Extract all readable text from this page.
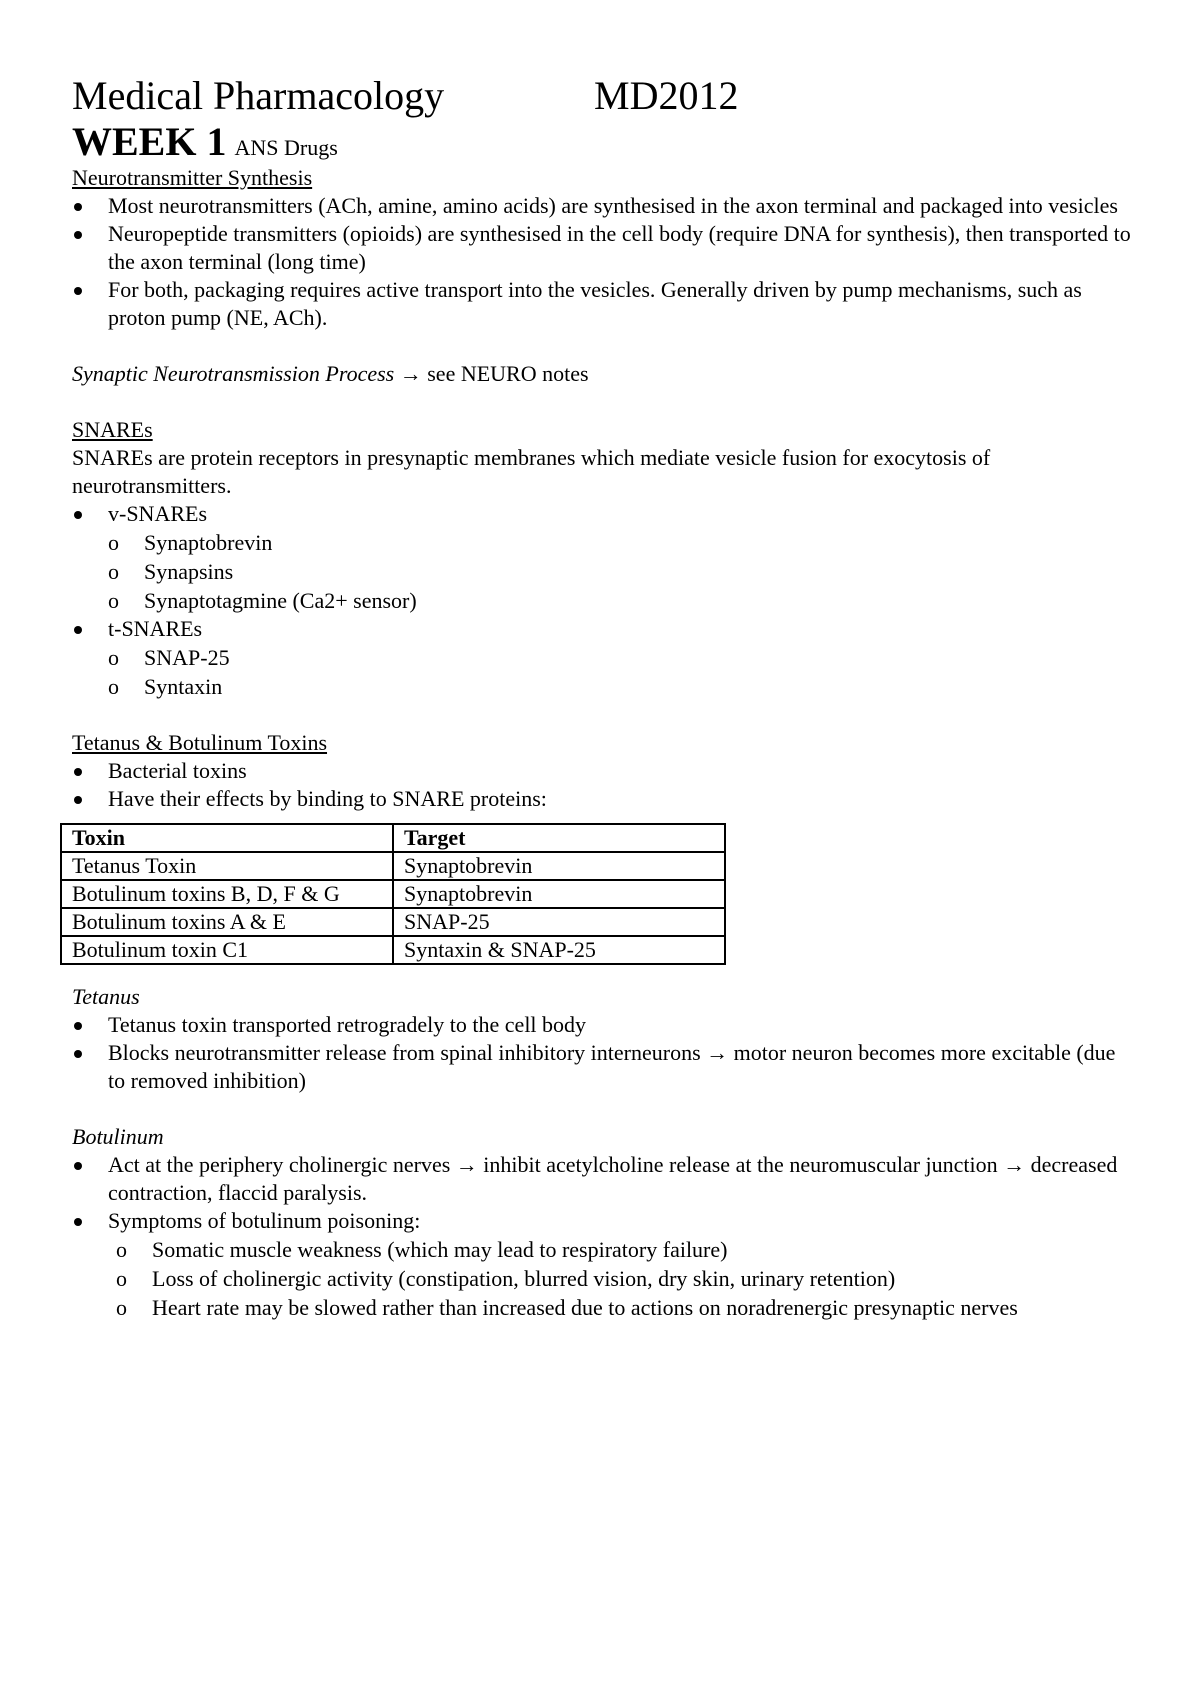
Medical Pharmacology	MD2012
WEEK 1 ANS Drugs
Neurotransmitter Synthesis
Most neurotransmitters (ACh, amine, amino acids) are synthesised in the axon terminal and packaged into vesicles
Neuropeptide transmitters (opioids) are synthesised in the cell body (require DNA for synthesis), then transported to the axon terminal (long time)
For both, packaging requires active transport into the vesicles. Generally driven by pump mechanisms, such as proton pump (NE, ACh).
Synaptic Neurotransmission Process → see NEURO notes
SNAREs
SNAREs are protein receptors in presynaptic membranes which mediate vesicle fusion for exocytosis of neurotransmitters.
v-SNAREs
o Synaptobrevin
o Synapsins
o Synaptotagmine (Ca2+ sensor)
t-SNAREs
o SNAP-25
o Syntaxin
Tetanus & Botulinum Toxins
Bacterial toxins
Have their effects by binding to SNARE proteins:
Toxin	Target
Tetanus Toxin	Synaptobrevin
Botulinum toxins B, D, F & G	Synaptobrevin
Botulinum toxins A & E	SNAP-25
Botulinum toxin C1	Syntaxin & SNAP-25
Tetanus
Tetanus toxin transported retrogradely to the cell body
Blocks neurotransmitter release from spinal inhibitory interneurons → motor neuron becomes more excitable (due to removed inhibition)
Botulinum
Act at the periphery cholinergic nerves → inhibit acetylcholine release at the neuromuscular junction → decreased contraction, flaccid paralysis.
Symptoms of botulinum poisoning:
o Somatic muscle weakness (which may lead to respiratory failure)
o Loss of cholinergic activity (constipation, blurred vision, dry skin, urinary retention)
o Heart rate may be slowed rather than increased due to actions on noradrenergic presynaptic nerves
